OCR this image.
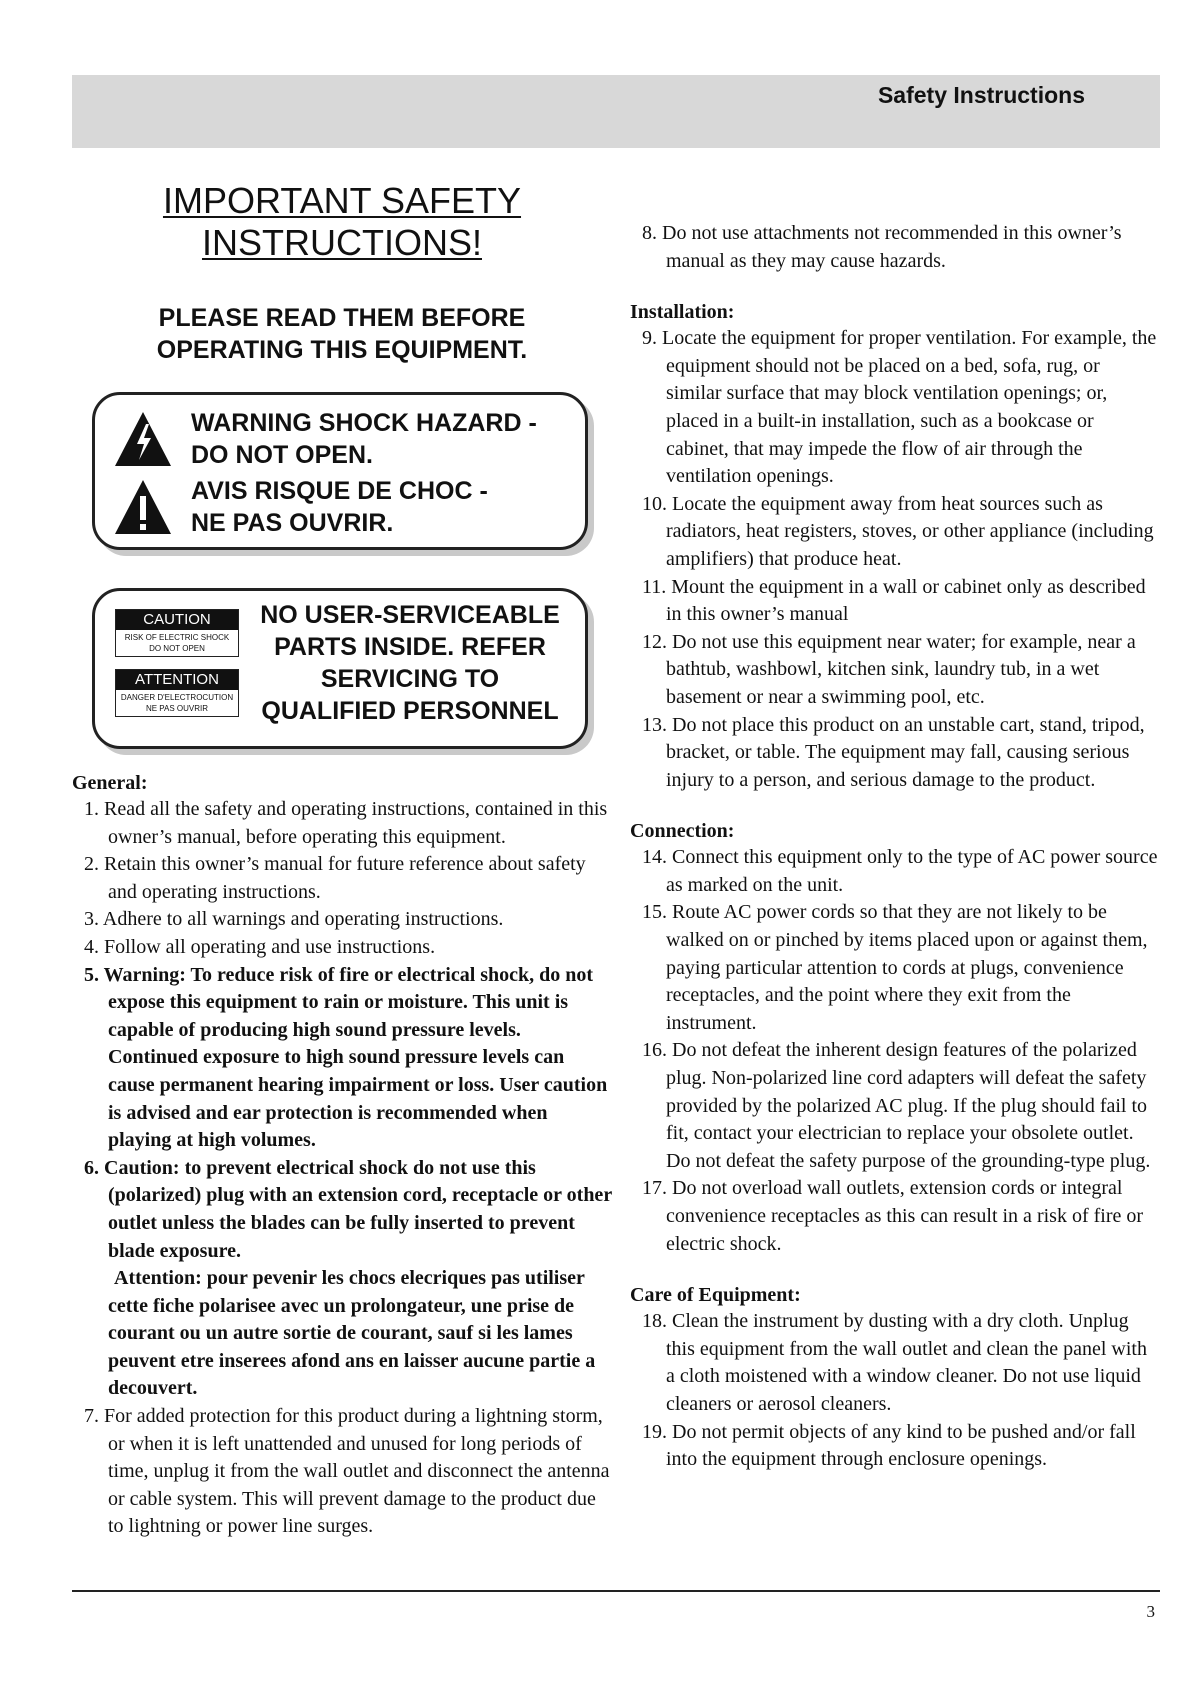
Safety Instructions
IMPORTANT SAFETY
INSTRUCTIONS!
PLEASE READ THEM BEFORE
OPERATING THIS EQUIPMENT.
WARNING SHOCK HAZARD -
DO NOT OPEN.
AVIS RISQUE DE CHOC -
NE PAS OUVRIR.
CAUTION
RISK OF ELECTRIC SHOCK
DO NOT OPEN
ATTENTION
DANGER D'ELECTROCUTION
NE PAS OUVRIR
NO USER-SERVICEABLE
PARTS INSIDE. REFER
SERVICING TO
QUALIFIED PERSONNEL
General:
1. Read all the safety and operating instructions, contained in this owner’s manual, before operating this equipment.
2. Retain this owner’s manual for future reference about safety and operating instructions.
3. Adhere to all warnings and operating instructions.
4. Follow all operating and use instructions.
5. Warning: To reduce risk of fire or electrical shock, do not expose this equipment to rain or moisture. This unit is capable of producing high sound pressure levels. Continued exposure to high sound pressure levels can cause permanent hearing impairment or loss. User caution is advised and ear protection is recommended when playing at high volumes.
6. Caution: to prevent electrical shock do not use this (polarized) plug with an extension cord, receptacle or other outlet unless the blades can be fully inserted to prevent blade exposure.
Attention: pour pevenir les chocs elecriques pas utiliser cette fiche polarisee avec un prolongateur, une prise de courant ou un autre sortie de courant, sauf si les lames peuvent etre inserees afond ans en laisser aucune partie a decouvert.
7. For added protection for this product during a lightning storm, or when it is left unattended and unused for long periods of time, unplug it from the wall outlet and disconnect the antenna or cable system. This will prevent damage to the product due to lightning or power line surges.
8. Do not use attachments not recommended in this owner’s manual as they may cause hazards.
Installation:
9. Locate the equipment for proper ventilation. For example, the equipment should not be placed on a bed, sofa, rug, or similar surface that may block ventilation openings; or, placed in a built-in installation, such as a bookcase or cabinet, that may impede the flow of air through the ventilation openings.
10. Locate the equipment away from heat sources such as radiators, heat registers, stoves, or other appliance (including amplifiers) that produce heat.
11. Mount the equipment in a wall or cabinet only as described in this owner’s manual
12. Do not use this equipment near water; for example, near a bathtub, washbowl, kitchen sink, laundry tub, in a wet basement or near a swimming pool, etc.
13. Do not place this product on an unstable cart, stand, tripod, bracket, or table. The equipment may fall, causing serious injury to a person, and serious damage to the product.
Connection:
14. Connect this equipment only to the type of AC power source as marked on the unit.
15. Route AC power cords so that they are not likely to be walked on or pinched by items placed upon or against them, paying particular attention to cords at plugs, convenience receptacles, and the point where they exit from the instrument.
16. Do not defeat the inherent design features of the polarized plug. Non-polarized line cord adapters will defeat the safety provided by the polarized AC plug. If the plug should fail to fit, contact your electrician to replace your obsolete outlet. Do not defeat the safety purpose of the grounding-type plug.
17. Do not overload wall outlets, extension cords or integral convenience receptacles as this can result in a risk of fire or electric shock.
Care of Equipment:
18. Clean the instrument by dusting with a dry cloth. Unplug this equipment from the wall outlet and clean the panel with a cloth moistened with a window cleaner. Do not use liquid cleaners or aerosol cleaners.
19. Do not permit objects of any kind to be pushed and/or fall into the equipment through enclosure openings.
3
